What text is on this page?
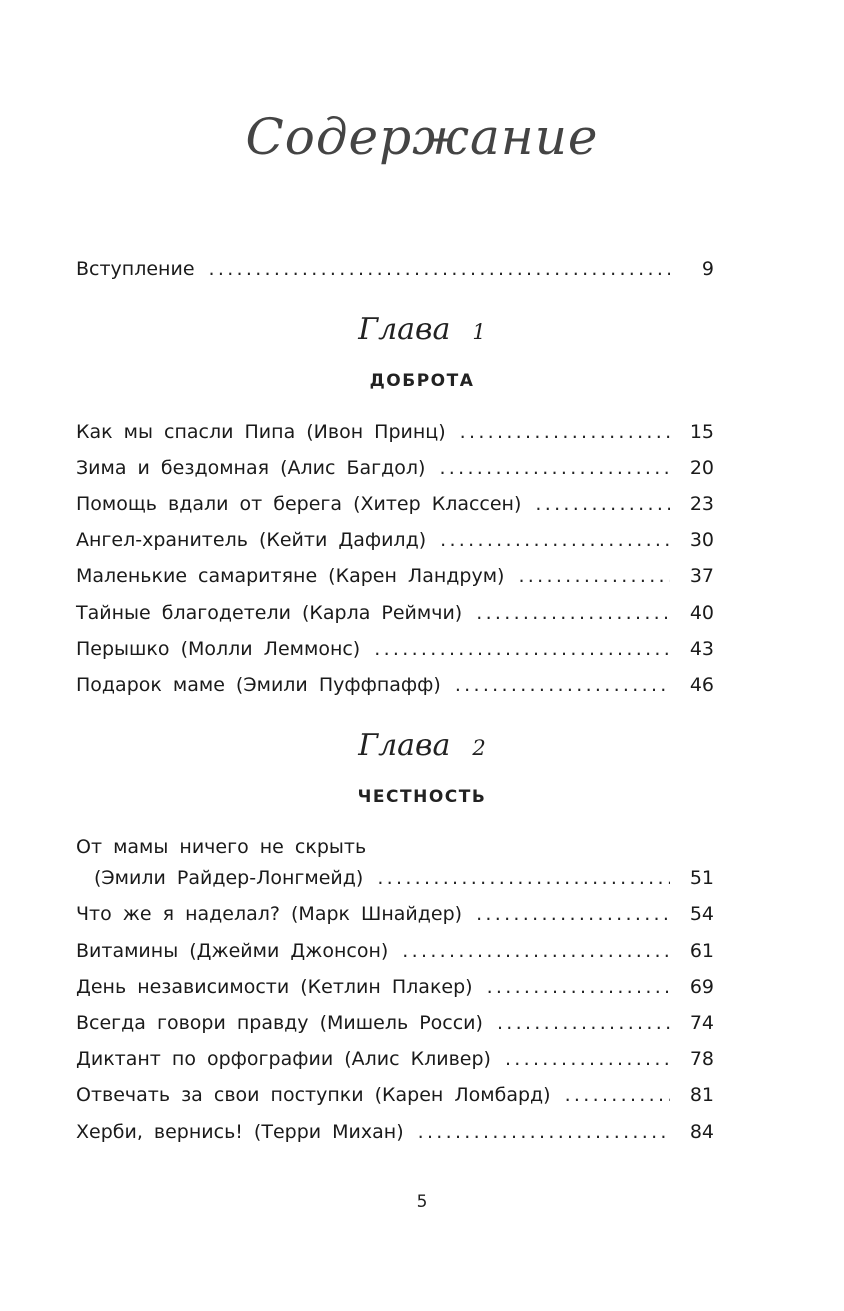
Содержание
Вступление .....	9
Глава 1
ДОБРОТА
Как мы спасли Пипа (Ивон Принц) .....	15
Зима и бездомная (Алис Багдол) .....	20
Помощь вдали от берега (Хитер Классен) .....	23
Ангел-хранитель (Кейти Дафилд) .....	30
Маленькие самаритяне (Карен Ландрум) .....	37
Тайные благодетели (Карла Реймчи) .....	40
Перышко (Молли Леммонс) .....	43
Подарок маме (Эмили Пуффпафф) .....	46
Глава 2
ЧЕСТНОСТЬ
От мамы ничего не скрыть
(Эмили Райдер-Лонгмейд) .....	51
Что же я наделал? (Марк Шнайдер) .....	54
Витамины (Джейми Джонсон) .....	61
День независимости (Кетлин Плакер) .....	69
Всегда говори правду (Мишель Росси) .....	74
Диктант по орфографии (Алис Кливер) .....	78
Отвечать за свои поступки (Карен Ломбард) .....	81
Херби, вернись! (Терри Михан) .....	84
5
